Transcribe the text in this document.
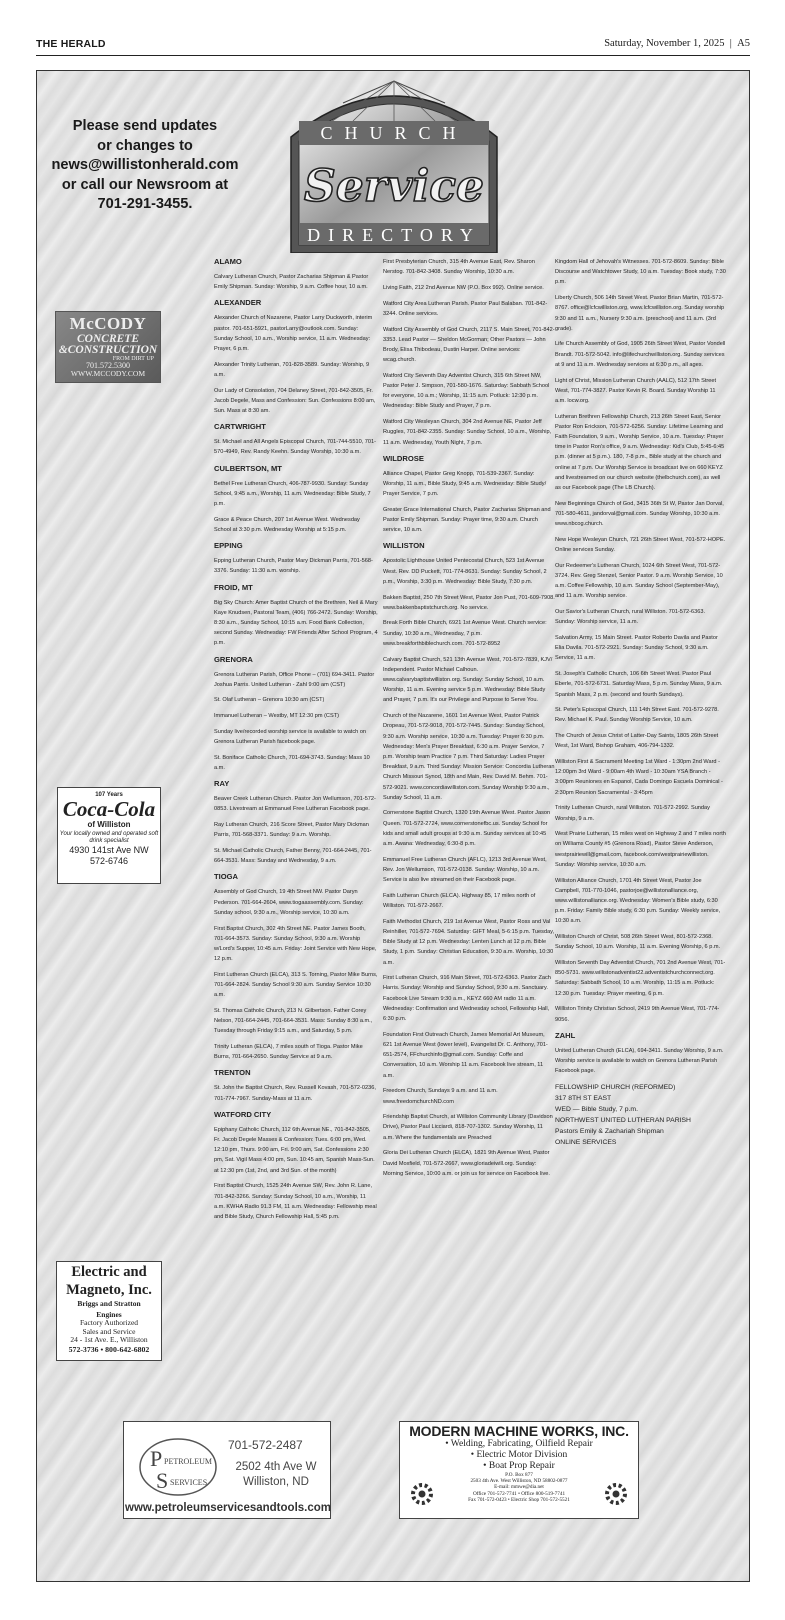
THE HERALD	Saturday, November 1, 2025 | A5
Please send updates
or changes to
news@willistonherald.com
or call our Newsroom at
701-291-3455.
CHURCH
DIRECTORY
Service
ALAMO

Calvary Lutheran Church, Pastor Zacharias Shipman & Pastor Emily Shipman. Sunday: Worship, 9 a.m. Coffee hour, 10 a.m.

ALEXANDER

Alexander Church of Nazarene, Pastor Larry Duckworth, interim pastor. 701-651-5921, pastorLarry@outlook.com. Sunday: Sunday School, 10 a.m., Worship service, 11 a.m. Wednesday: Prayer, 6 p.m.

Alexander Trinity Lutheran, 701-828-3589. Sunday: Worship, 9 a.m.

Our Lady of Consolation, 704 Delaney Street, 701-842-3505, Fr. Jacob Degele, Mass and Confession: Sun. Confessions 8:00 am, Sun. Mass at 8:30 am.

CARTWRIGHT

St. Michael and All Angels Episcopal Church, 701-744-5510, 701-570-4949, Rev. Randy Keehn. Sunday Worship, 10:30 a.m.

CULBERTSON, MT

Bethel Free Lutheran Church, 406-787-9930. Sunday: Sunday School, 9:45 a.m., Worship, 11 a.m. Wednesday: Bible Study, 7 p.m.

Grace & Peace Church, 207 1st Avenue West. Wednesday School at 3:30 p.m. Wednesday Worship at 5:15 p.m.

EPPING

Epping Lutheran Church, Pastor Mary Dickman Parris, 701-568-3376. Sunday: 11:30 a.m. worship.

FROID, MT

Big Sky Church: Amer Baptist Church of the Brethren, Neil & Mary Kaye Knudsen, Pastoral Team, (406) 766-2472. Sunday: Worship, 8:30 a.m., Sunday School, 10:15 a.m. Food Bank Collection, second Sunday. Wednesday: FW Friends After School Program, 4 p.m.

GRENORA

Grenora Lutheran Parish, Office Phone – (701) 694-3411. Pastor Joshua Parris. United Lutheran - Zahl 9:00 am (CST)

St. Olaf Lutheran – Grenora 10:30 am (CST)

Immanuel Lutheran – Westby, MT 12:30 pm (CST)

Sunday live/recorded worship service is available to watch on Grenora Lutheran Parish facebook page.

St. Boniface Catholic Church, 701-694-3743. Sunday: Mass 10 a.m.

RAY

Beaver Creek Lutheran Church. Pastor Jon Wellumson, 701-572-0853. Livestream at Emmanuel Free Lutheran Facebook page.

Ray Lutheran Church, 216 Score Street, Pastor Mary Dickman Parris, 701-568-3371. Sunday: 9 a.m. Worship.

St. Michael Catholic Church, Father Benny, 701-664-2445, 701-664-3531. Mass: Sunday and Wednesday, 9 a.m.

TIOGA

Assembly of God Church, 19 4th Street NW. Pastor Daryn Pederson. 701-664-2604, www.tiogaassembly.com. Sunday: Sunday school, 9:30 a.m., Worship service, 10:30 a.m.

First Baptist Church, 302 4th Street NE. Pastor James Booth, 701-664-3573. Sunday: Sunday School, 9:30 a.m. Worship w/Lord's Supper, 10:45 a.m. Friday: Joint Service with New Hope, 12 p.m.

First Lutheran Church (ELCA), 313 S. Torning, Pastor Mike Burns, 701-664-2824. Sunday School 9:30 a.m. Sunday Service 10:30 a.m.

St. Thomas Catholic Church, 213 N. Gilbertson. Father Corey Nelson, 701-664-2445, 701-664-3531. Mass: Sunday 8:30 a.m., Tuesday through Friday 9:15 a.m., and Saturday, 5 p.m.

Trinity Lutheran (ELCA), 7 miles south of Tioga. Pastor Mike Burns, 701-664-2650. Sunday Service at 9 a.m.

TRENTON

St. John the Baptist Church, Rev. Russell Kovash, 701-572-0236, 701-774-7967. Sunday-Mass at 11 a.m.

WATFORD CITY

Epiphany Catholic Church, 112 6th Avenue NE., 701-842-3505, Fr. Jacob Degele Masses & Confession: Tues. 6:00 pm, Wed. 12:10 pm, Thurs. 9:00 am, Fri. 9:00 am, Sat. Confessions 2:30 pm, Sat. Vigil Mass 4:00 pm, Sun. 10:45 am, Spanish Mass-Sun. at 12:30 pm (1st, 2nd, and 3rd Sun. of the month)

First Baptist Church, 1525 24th Avenue SW, Rev. John R. Lane, 701-842-3266. Sunday: Sunday School, 10 a.m., Worship, 11 a.m. KWHA Radio 91.3 FM, 11 a.m. Wednesday: Fellowship meal and Bible Study, Church Fellowship Hall, 5:45 p.m.

First Presbyterian Church, 315 4th Avenue East, Rev. Sharon Nerstog. 701-842-3408. Sunday Worship, 10:30 a.m.

Living Faith, 212 2nd Avenue NW (P.O. Box 992). Online service.

Watford City Area Lutheran Parish. Pastor Paul Balaban. 701-842-3244. Online services.

Watford City Assembly of God Church, 2117 S. Main Street, 701-842-3353. Lead Pastor — Sheldon McGorman; Other Pastors — John Brody, Elisa Thibodeau, Dustin Harper. Online services: wcag.church.

Watford City Seventh Day Adventist Church, 315 6th Street NW, Pastor Peter J. Simpson, 701-580-1676. Saturday: Sabbath School for everyone, 10 a.m.; Worship, 11:15 a.m. Potluck: 12:30 p.m. Wednesday: Bible Study and Prayer, 7 p.m.

Watford City Wesleyan Church, 304 2nd Avenue NE, Pastor Jeff Ruggles, 701-842-2355. Sunday: Sunday School, 10 a.m., Worship, 11 a.m. Wednesday, Youth Night, 7 p.m.

WILDROSE

Alliance Chapel, Pastor Greg Knopp, 701-539-2367. Sunday: Worship, 11 a.m., Bible Study, 9:45 a.m. Wednesday: Bible Study/ Prayer Service, 7 p.m.

Greater Grace International Church, Pastor Zacharias Shipman and Pastor Emily Shipman. Sunday: Prayer time, 9:30 a.m. Church service, 10 a.m.

WILLISTON

Apostolic Lighthouse United Pentecostal Church, 523 1st Avenue West. Rev. DD Puckett, 701-774-8631. Sunday: Sunday School, 2 p.m., Worship, 3:30 p.m. Wednesday: Bible Study, 7:30 p.m.

Bakken Baptist, 250 7th Street West, Pastor Jon Pust, 701-609-7908. www.bakkenbaptistchurch.org. No service.

Break Forth Bible Church, 6921 1st Avenue West. Church service: Sunday, 10:30 a.m., Wednesday, 7 p.m. www.breakforthbiblechurch.com. 701-572-8952

Calvary Baptist Church, 521 13th Avenue West, 701-572-7839, KJV/ Independent. Pastor Michael Calhoun. www.calvarybaptistwilliston.org. Sunday: Sunday School, 10 a.m. Worship, 11 a.m. Evening service 5 p.m. Wednesday: Bible Study and Prayer, 7 p.m. It's our Privilege and Purpose to Serve You.

Church of the Nazarene, 1601 1st Avenue West, Pastor Patrick Dropeau, 701-572-9018, 701-572-7445. Sunday: Sunday School, 9:30 a.m. Worship service, 10:30 a.m. Tuesday: Prayer 6:30 p.m. Wednesday: Men's Prayer Breakfast, 6:30 a.m. Prayer Service, 7 p.m. Worship team Practice 7 p.m. Third Saturday: Ladies Prayer Breakfast, 9 a.m. Third Sunday: Mission Service: Concordia Lutheran Church Missouri Synod, 18th and Main, Rev. David M. Behm. 701-572-9021. www.concordiawilliston.com. Sunday Worship 9:30 a.m., Sunday School, 11 a.m.

Cornerstone Baptist Church, 1320 19th Avenue West. Pastor Jason Queen. 701-572-2724, www.cornerstonefbc.us. Sunday School for kids and small adult groups at 9:30 a.m. Sunday services at 10:45 a.m. Awana: Wednesday, 6:30-8 p.m.

Emmanuel Free Lutheran Church (AFLC), 1213 3rd Avenue West, Rev. Jon Wellumson, 701-572-0138. Sunday: Worship, 10 a.m. Service is also live streamed on their Facebook page.

Faith Lutheran Church (ELCA). Highway 85, 17 miles north of Williston. 701-572-2667.

Faith Methodist Church, 219 1st Avenue West, Pastor Ross and Val Reinhiller, 701-572-7694. Saturday: GIFT Meal, 5-6:15 p.m. Tuesday, Bible Study at 12 p.m. Wednesday: Lenten Lunch at 12 p.m. Bible Study, 1 p.m. Sunday: Christian Education, 9:30 a.m. Worship, 10:30 a.m.

First Lutheran Church, 916 Main Street, 701-572-6363. Pastor Zach Harris. Sunday: Worship and Sunday School, 9:30 a.m. Sanctuary. Facebook Live Stream 9:30 a.m., KEYZ 660 AM radio 11 a.m. Wednesday: Confirmation and Wednesday school, Fellowship Hall, 6:30 p.m.

Foundation First Outreach Church, James Memorial Art Museum, 621 1st Avenue West (lower level), Evangelist Dr. C. Anthony, 701-651-2574, FFchurchinfo@gmail.com. Sunday: Coffe and Conversation, 10 a.m. Worship 11 a.m. Facebook live stream, 11 a.m.

Freedom Church, Sundays 9 a.m. and 11 a.m. www.freedomchurchND.com

Friendship Baptist Church, at Williston Community Library (Davidson Drive), Pastor Paul Licciardi, 818-707-1302. Sunday Worship, 11 a.m. Where the fundamentals are Preached

Gloria Dei Lutheran Church (ELCA), 1821 9th Avenue West, Pastor David Moxfield, 701-572-2667, www.gloriadeiwill.org. Sunday: Morning Service, 10:00 a.m. or join us for service on Facebook live.

Kingdom Hall of Jehovah's Witnesses. 701-572-8609. Sunday: Bible Discourse and Watchtower Study, 10 a.m. Tuesday: Book study, 7:30 p.m.

Liberty Church, 506 14th Street West. Pastor Brian Martin, 701-572-8767. office@lcfcwilliston.org, www.lcfcwilliston.org. Sunday worship 9:30 and 11 a.m., Nursery 9:30 a.m. (preschool) and 11 a.m. (3rd grade).

Life Church Assembly of God, 1905 26th Street West, Pastor Vondell Brandt. 701-572-5042. info@lifechurchwilliston.org. Sunday services at 9 and 11 a.m. Wednesday services at 6:30 p.m., all ages.

Light of Christ, Mission Lutheran Church (AALC), 512 17th Street West, 701-774-3827. Pastor Kevin R. Board. Sunday Worship 11 a.m. locw.org.

Lutheran Brethren Fellowship Church, 213 26th Street East, Senior Pastor Ron Erickson, 701-572-6256. Sunday: Lifetime Learning and Faith Foundation, 9 a.m., Worship Service, 10 a.m. Tuesday: Prayer time in Pastor Ron's office, 9 a.m. Wednesday: Kid's Club, 5:45-6:45 p.m. (dinner at 5 p.m.). 180, 7-8 p.m., Bible study at the church and online at 7 p.m. Our Worship Service is broadcast live on 660 KEYZ and livestreamed on our church website (thelbchurch.com), as well as our Facebook page (The LB Church).

New Beginnings Church of God, 3415 36th St W, Pastor Jan Dorval, 701-580-4611, jandorval@gmail.com. Sunday Worship, 10:30 a.m. www.nbcog.church.

New Hope Wesleyan Church, 721 26th Street West, 701-572-HOPE. Online services Sunday.

Our Redeemer's Lutheran Church, 1024 6th Street West, 701-572-3724. Rev. Greg Stenzel, Senior Pastor. 9 a.m. Worship Service, 10 a.m. Coffee Fellowship, 10 a.m. Sunday School (September-May), and 11 a.m. Worship service.

Our Savior's Lutheran Church, rural Williston. 701-572-6363. Sunday: Worship service, 11 a.m.

Salvation Army, 15 Main Street. Pastor Roberto Davila and Pastor Elia Davila. 701-572-2921. Sunday: Sunday School, 9:30 a.m. Service, 11 a.m.

St. Joseph's Catholic Church, 106 6th Street West. Pastor Paul Eberle, 701-572-6731. Saturday Mass, 5 p.m. Sunday Mass, 9 a.m. Spanish Mass, 2 p.m. (second and fourth Sundays).

St. Peter's Episcopal Church, 111 14th Street East. 701-572-9278. Rev. Michael K. Paul. Sunday Worship Service, 10 a.m.

The Church of Jesus Christ of Latter-Day Saints, 1805 26th Street West, 1st Ward, Bishop Graham, 406-794-1332.

Williston First & Sacrament Meeting 1st Ward - 1:30pm 2nd Ward - 12:00pm 3rd Ward - 9:00am 4th Ward - 10:30am YSA Branch - 3:00pm Reuniones en Espanol, Cada Domingo Escuela Dominical - 2:30pm Reunion Sacramental - 3:45pm

Trinity Lutheran Church, rural Williston. 701-572-2992. Sunday Worship, 9 a.m.

West Prairie Lutheran, 15 miles west on Highway 2 and 7 miles north on Williams County #5 (Grenora Road), Pastor Steve Anderson, westprairiewill@gmail.com, facebook.com/westprairiewilliston. Sunday: Worship service, 10:30 a.m.

Williston Alliance Church, 1701 4th Street West, Pastor Joe Campbell, 701-770-1046, pastorjoe@willistonalliance.org, www.willistonalliance.org. Wednesday: Women's Bible study, 6:30 p.m. Friday: Family Bible study, 6:30 p.m. Sunday: Weekly service, 10:30 a.m.

Williston Church of Christ, 508 26th Street West, 801-572-2368. Sunday School, 10 a.m. Worship, 11 a.m. Evening Worship, 6 p.m.

Williston Seventh Day Adventist Church, 701 2nd Avenue West, 701-850-5731. www.willistonadventist22.adventistchurchconnect.org. Saturday: Sabbath School, 10 a.m. Worship, 11:15 a.m. Potluck: 12:30 p.m. Tuesday: Prayer meeting, 6 p.m.

Williston Trinity Christian School, 2419 9th Avenue West, 701-774-9056.

ZAHL

United Lutheran Church (ELCA), 694-3411. Sunday Worship, 9 a.m. Worship service is available to watch on Grenora Lutheran Parish Facebook page.

FELLOWSHIP CHURCH (REFORMED)
317 8TH ST EAST
WED — Bible Study, 7 p.m.
NORTHWEST UNITED LUTHERAN PARISH
Pastors Emily & Zachariah Shipman
ONLINE SERVICES
McCODY
CONCRETE
&CONSTRUCTION
FROM DIRT UP
701.572.5300
WWW.MCCODY.COM
107 Years
Coca-Cola
of Williston
Your locally owned and operated soft drink specialist
4930 141st Ave NW
572-6746
Electric and
Magneto, Inc.
Briggs and Stratton
Engines
Factory Authorized
Sales and Service
24 - 1st Ave. E., Williston
572-3736 • 800-642-6802
P PETROLEUM
S SERVICES
701-572-2487
2502 4th Ave W
Williston, ND
www.petroleumservicesandtools.com
MODERN MACHINE WORKS, INC.
• Welding, Fabricating, Oilfield Repair
• Electric Motor Division
• Boat Prop Repair
P.O. Box 877
2503 4th Ave. West Williston, ND 58802-0877
E-mail: mmwe@dia.net
Office 701-572-7741 • Office 800-519-7741
Fax 701-572-0423 • Electric Shop 701-572-5521
